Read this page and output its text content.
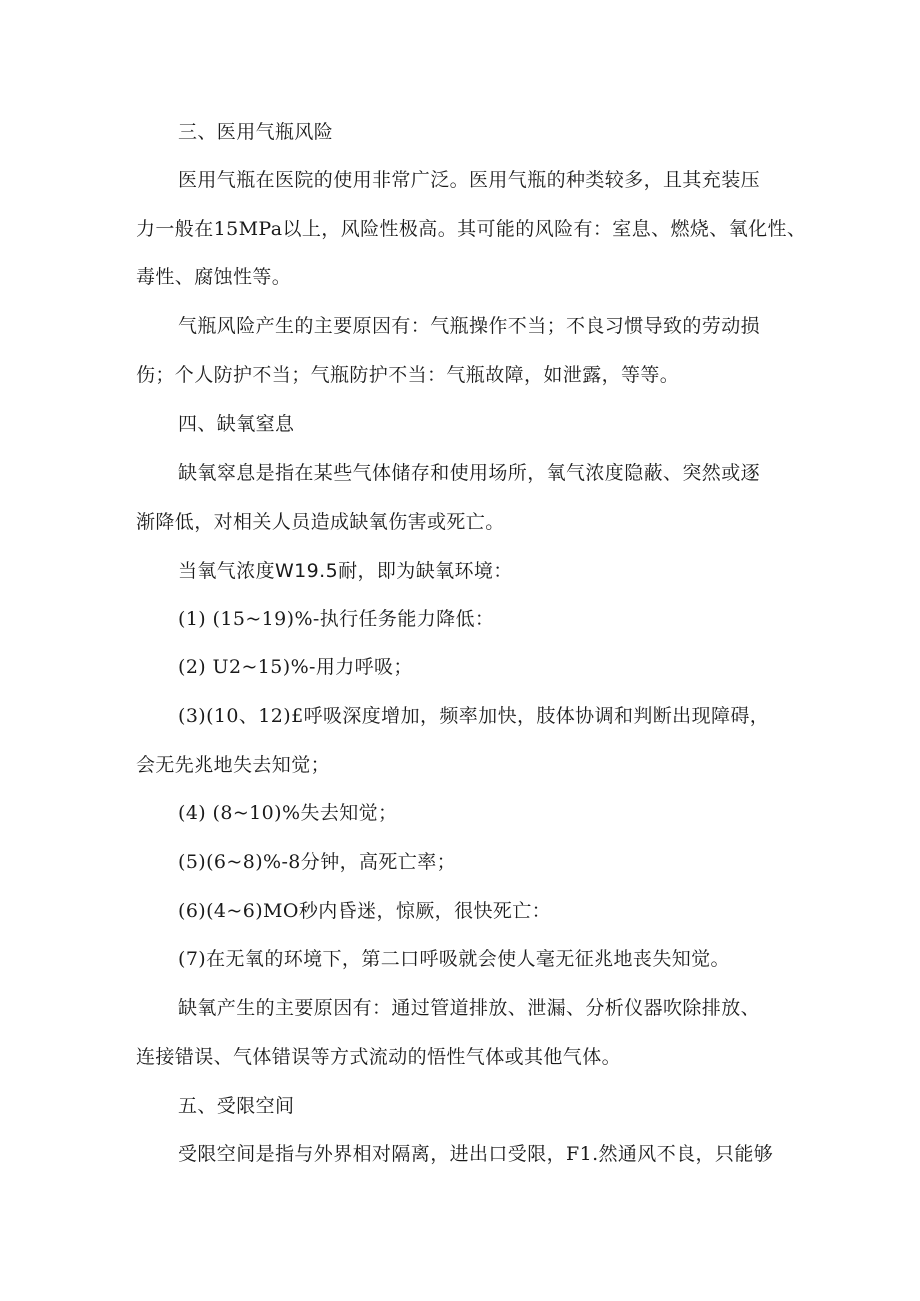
三、医用气瓶风险
医用气瓶在医院的使用非常广泛。医用气瓶的种类较多，且其充装压
力一般在15MPa以上，风险性极高。其可能的风险有：室息、燃烧、氧化性、
毒性、腐蚀性等。
气瓶风险产生的主要原因有：气瓶操作不当；不良习惯导致的劳动损
伤；个人防护不当；气瓶防护不当：气瓶故障，如泄露，等等。
四、缺氧窒息
缺氧窣息是指在某些气体储存和使用场所，氧气浓度隐蔽、突然或逐
渐降低，对相关人员造成缺氧伤害或死亡。
当氧气浓度W19.5耐，即为缺氧环境：
(1) (15~19)%-执行任务能力降低：
(2) U2~15)%-用力呼吸；
(3)(10、12)£呼吸深度增加，频率加快，肢体协调和判断出现障碍，
会无先兆地失去知觉；
(4) (8~10)%失去知觉；
(5)(6~8)%-8分钟，高死亡率；
(6)(4~6)MO秒内昏迷，惊厥，很快死亡：
(7)在无氧的环境下，第二口呼吸就会使人毫无征兆地丧失知觉。
缺氧产生的主要原因有：通过管道排放、泄漏、分析仪器吹除排放、
连接错误、气体错误等方式流动的悟性气体或其他气体。
五、受限空间
受限空间是指与外界相对隔离，进出口受限，F1.然通风不良，只能够
